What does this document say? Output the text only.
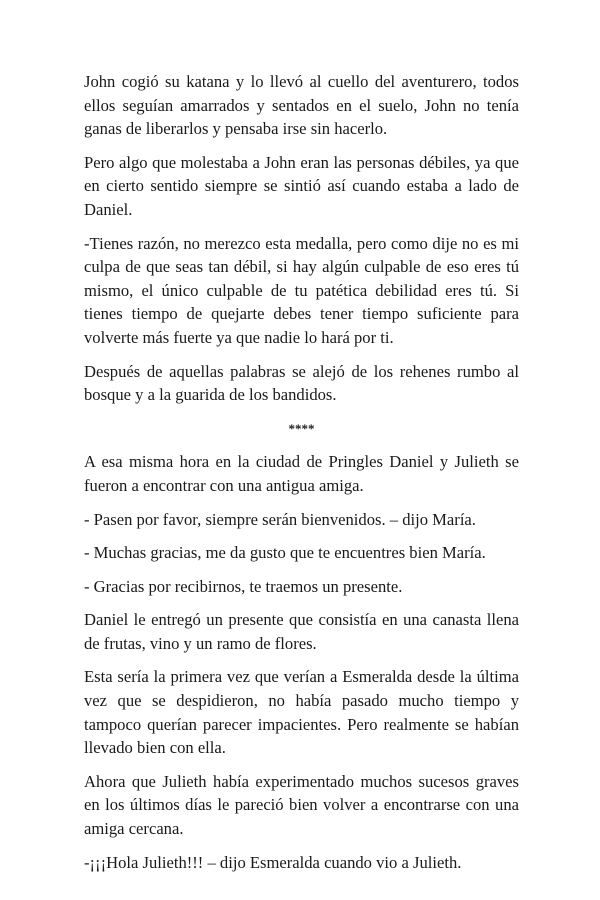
John cogió su katana y lo llevó al cuello del aventurero, todos ellos seguían amarrados y sentados en el suelo, John no tenía ganas de liberarlos y pensaba irse sin hacerlo.

Pero algo que molestaba a John eran las personas débiles, ya que en cierto sentido siempre se sintió así cuando estaba a lado de Daniel.

-Tienes razón, no merezco esta medalla, pero como dije no es mi culpa de que seas tan débil, si hay algún culpable de eso eres tú mismo, el único culpable de tu patética debilidad eres tú. Si tienes tiempo de quejarte debes tener tiempo suficiente para volverte más fuerte ya que nadie lo hará por ti.

Después de aquellas palabras se alejó de los rehenes rumbo al bosque y a la guarida de los bandidos.

****

A esa misma hora en la ciudad de Pringles Daniel y Julieth se fueron a encontrar con una antigua amiga.

- Pasen por favor, siempre serán bienvenidos. – dijo María.

- Muchas gracias, me da gusto que te encuentres bien María.

- Gracias por recibirnos, te traemos un presente.

Daniel le entregó un presente que consistía en una canasta llena de frutas, vino y un ramo de flores.

Esta sería la primera vez que verían a Esmeralda desde la última vez que se despidieron, no había pasado mucho tiempo y tampoco querían parecer impacientes. Pero realmente se habían llevado bien con ella.

Ahora que Julieth había experimentado muchos sucesos graves en los últimos días le pareció bien volver a encontrarse con una amiga cercana.

-¡¡¡Hola Julieth!!! – dijo Esmeralda cuando vio a Julieth.
